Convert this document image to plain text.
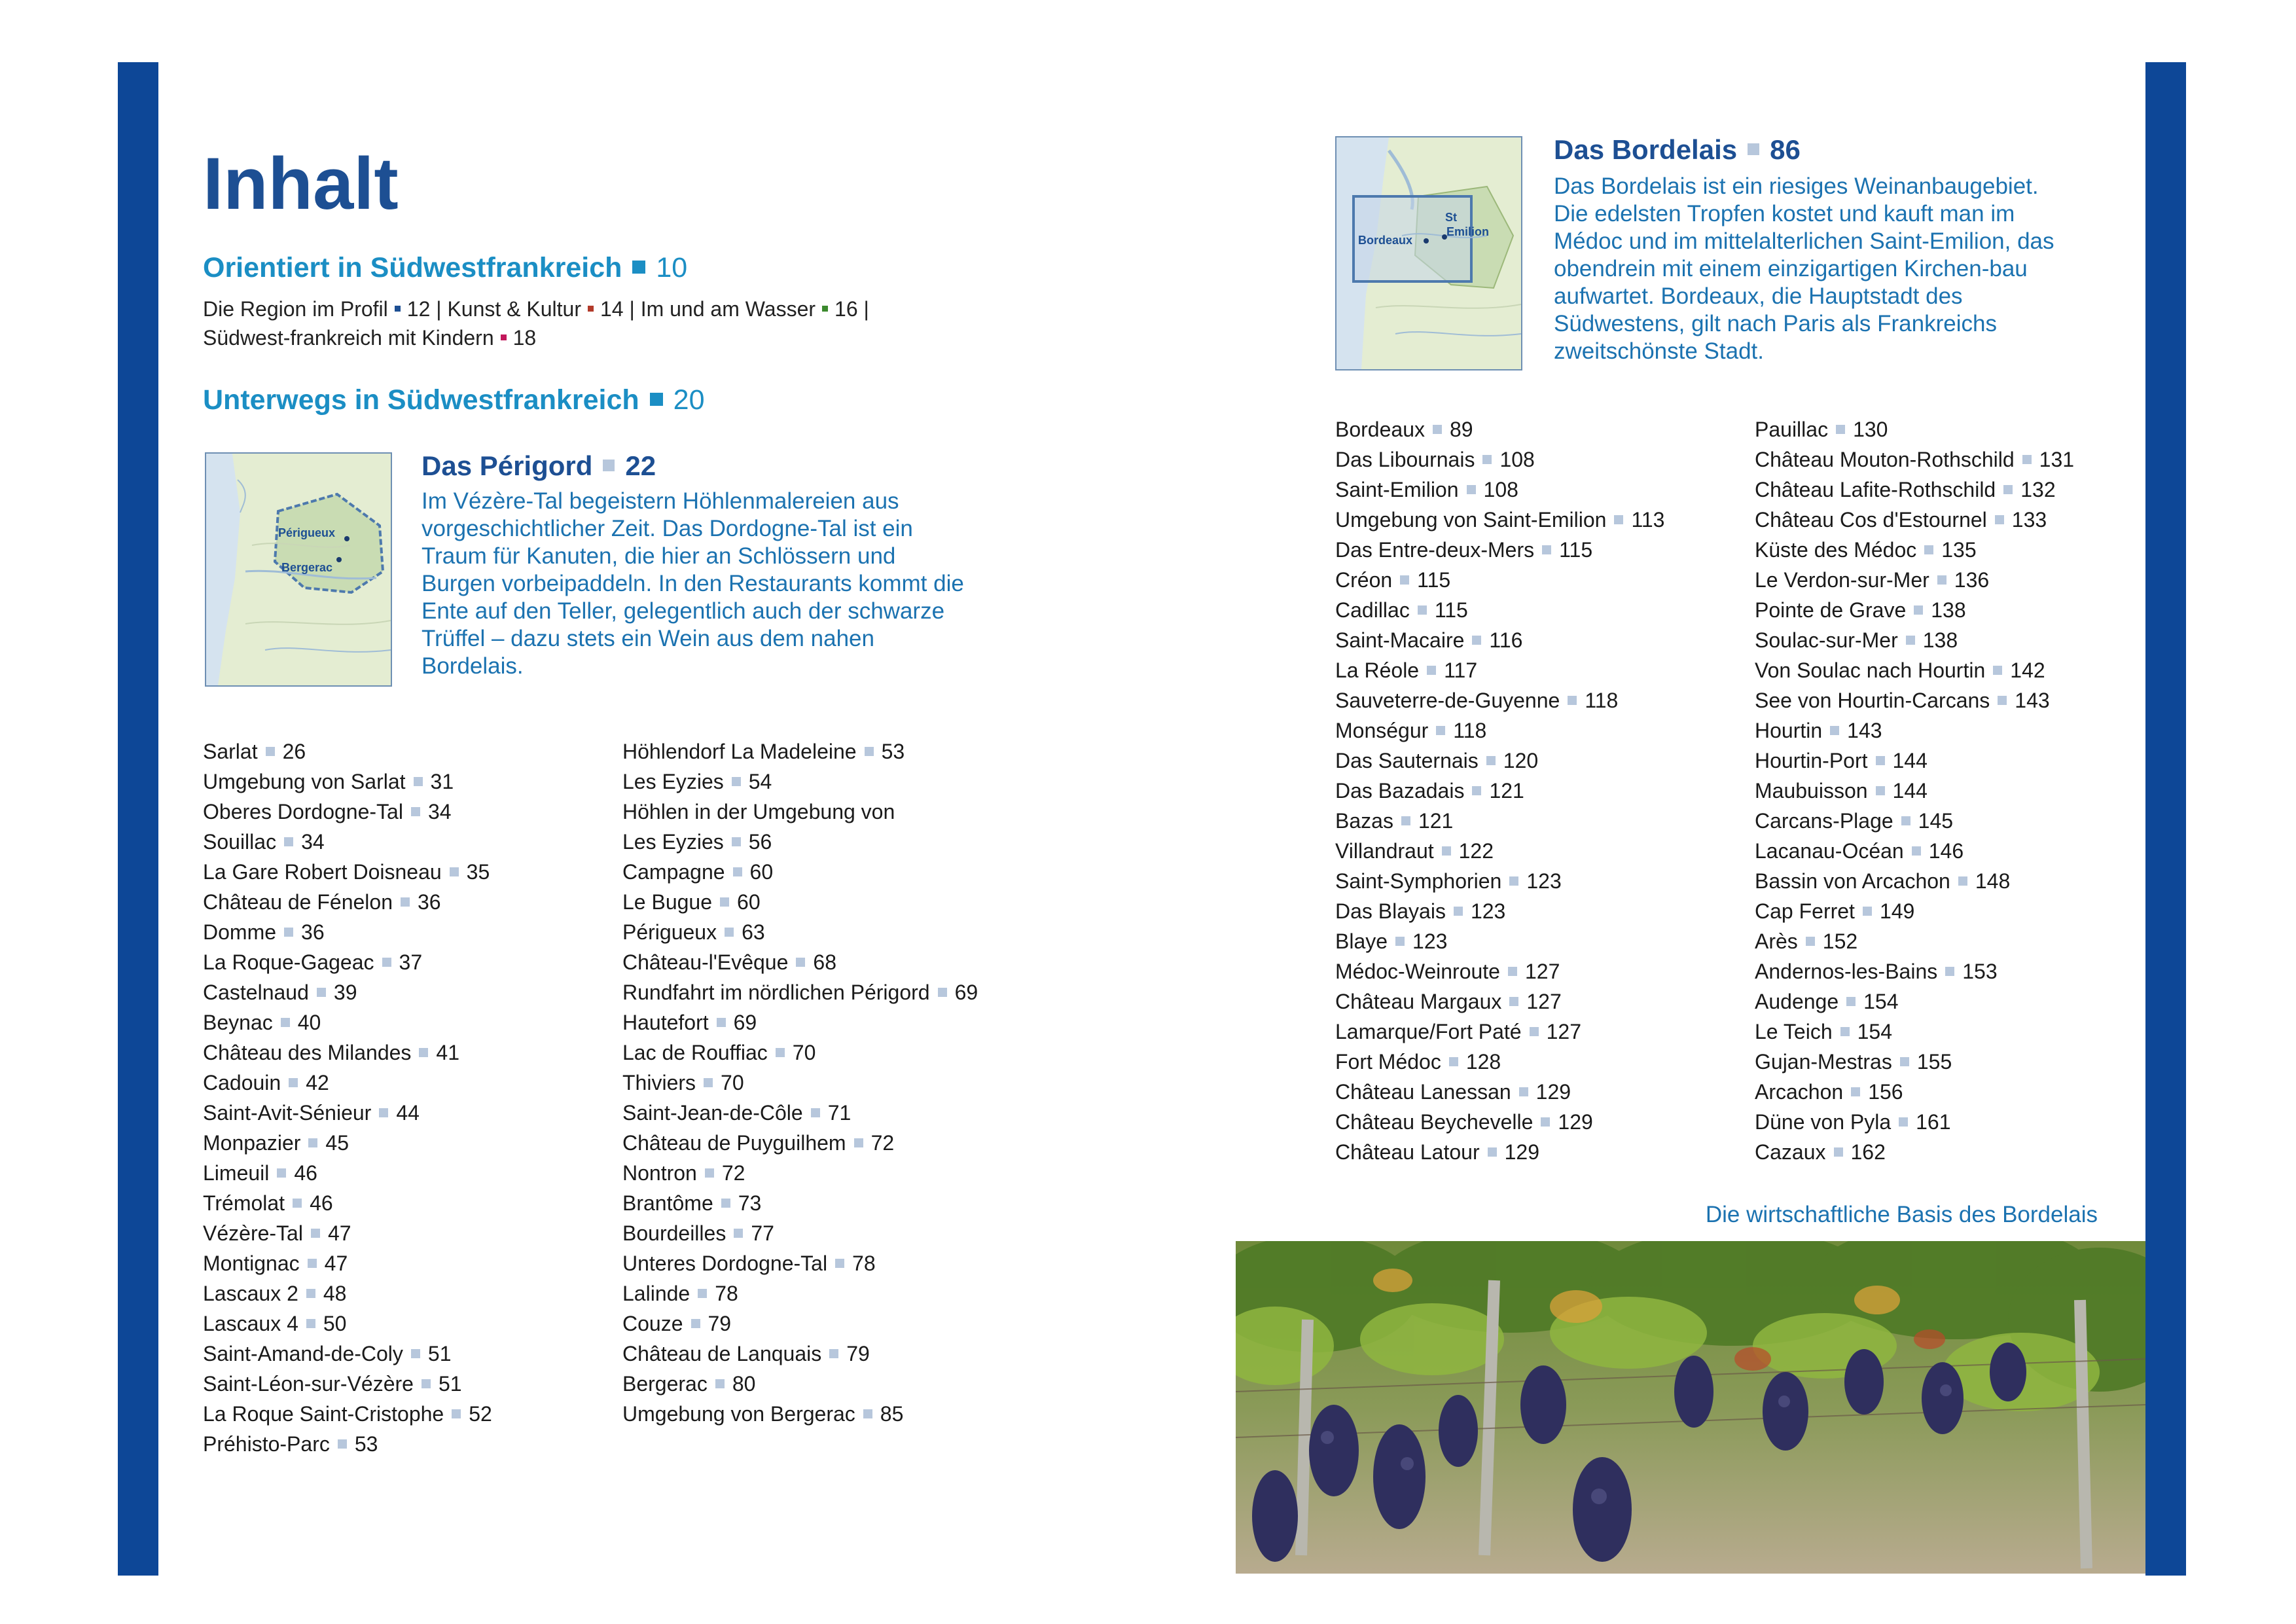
Inhalt
Orientiert in Südwestfrankreich 10
Die Region im Profil 12 | Kunst & Kultur 14 | Im und am Wasser 16 | Südwest-frankreich mit Kindern 18
Unterwegs in Südwestfrankreich 20
Périgueux
Bergerac
Das Périgord 22
Im Vézère-Tal begeistern Höhlenmalereien aus vorgeschichtlicher Zeit. Das Dordogne-Tal ist ein Traum für Kanuten, die hier an Schlössern und Burgen vorbeipaddeln. In den Restaurants kommt die Ente auf den Teller, gelegentlich auch der schwarze Trüffel – dazu stets ein Wein aus dem nahen Bordelais.
Sarlat 26
Umgebung von Sarlat 31
Oberes Dordogne-Tal 34
Souillac 34
La Gare Robert Doisneau 35
Château de Fénelon 36
Domme 36
La Roque-Gageac 37
Castelnaud 39
Beynac 40
Château des Milandes 41
Cadouin 42
Saint-Avit-Sénieur 44
Monpazier 45
Limeuil 46
Trémolat 46
Vézère-Tal 47
Montignac 47
Lascaux 2 48
Lascaux 4 50
Saint-Amand-de-Coly 51
Saint-Léon-sur-Vézère 51
La Roque Saint-Cristophe 52
Préhisto-Parc 53
Höhlendorf La Madeleine 53
Les Eyzies 54
Höhlen in der Umgebung von
Les Eyzies 56
Campagne 60
Le Bugue 60
Périgueux 63
Château-l'Evêque 68
Rundfahrt im nördlichen Périgord 69
Hautefort 69
Lac de Rouffiac 70
Thiviers 70
Saint-Jean-de-Côle 71
Château de Puyguilhem 72
Nontron 72
Brantôme 73
Bourdeilles 77
Unteres Dordogne-Tal 78
Lalinde 78
Couze 79
Château de Lanquais 79
Bergerac 80
Umgebung von Bergerac 85
Bordeaux
St
Emilion
Das Bordelais 86
Das Bordelais ist ein riesiges Weinanbaugebiet. Die edelsten Tropfen kostet und kauft man im Médoc und im mittelalterlichen Saint-Emilion, das obendrein mit einem einzigartigen Kirchen-bau aufwartet. Bordeaux, die Hauptstadt des Südwestens, gilt nach Paris als Frankreichs zweitschönste Stadt.
Bordeaux 89
Das Libournais 108
Saint-Emilion 108
Umgebung von Saint-Emilion 113
Das Entre-deux-Mers 115
Créon 115
Cadillac 115
Saint-Macaire 116
La Réole 117
Sauveterre-de-Guyenne 118
Monségur 118
Das Sauternais 120
Das Bazadais 121
Bazas 121
Villandraut 122
Saint-Symphorien 123
Das Blayais 123
Blaye 123
Médoc-Weinroute 127
Château Margaux 127
Lamarque/Fort Paté 127
Fort Médoc 128
Château Lanessan 129
Château Beychevelle 129
Château Latour 129
Pauillac 130
Château Mouton-Rothschild 131
Château Lafite-Rothschild 132
Château Cos d'Estournel 133
Küste des Médoc 135
Le Verdon-sur-Mer 136
Pointe de Grave 138
Soulac-sur-Mer 138
Von Soulac nach Hourtin 142
See von Hourtin-Carcans 143
Hourtin 143
Hourtin-Port 144
Maubuisson 144
Carcans-Plage 145
Lacanau-Océan 146
Bassin von Arcachon 148
Cap Ferret 149
Arès 152
Andernos-les-Bains 153
Audenge 154
Le Teich 154
Gujan-Mestras 155
Arcachon 156
Düne von Pyla 161
Cazaux 162
Die wirtschaftliche Basis des Bordelais
